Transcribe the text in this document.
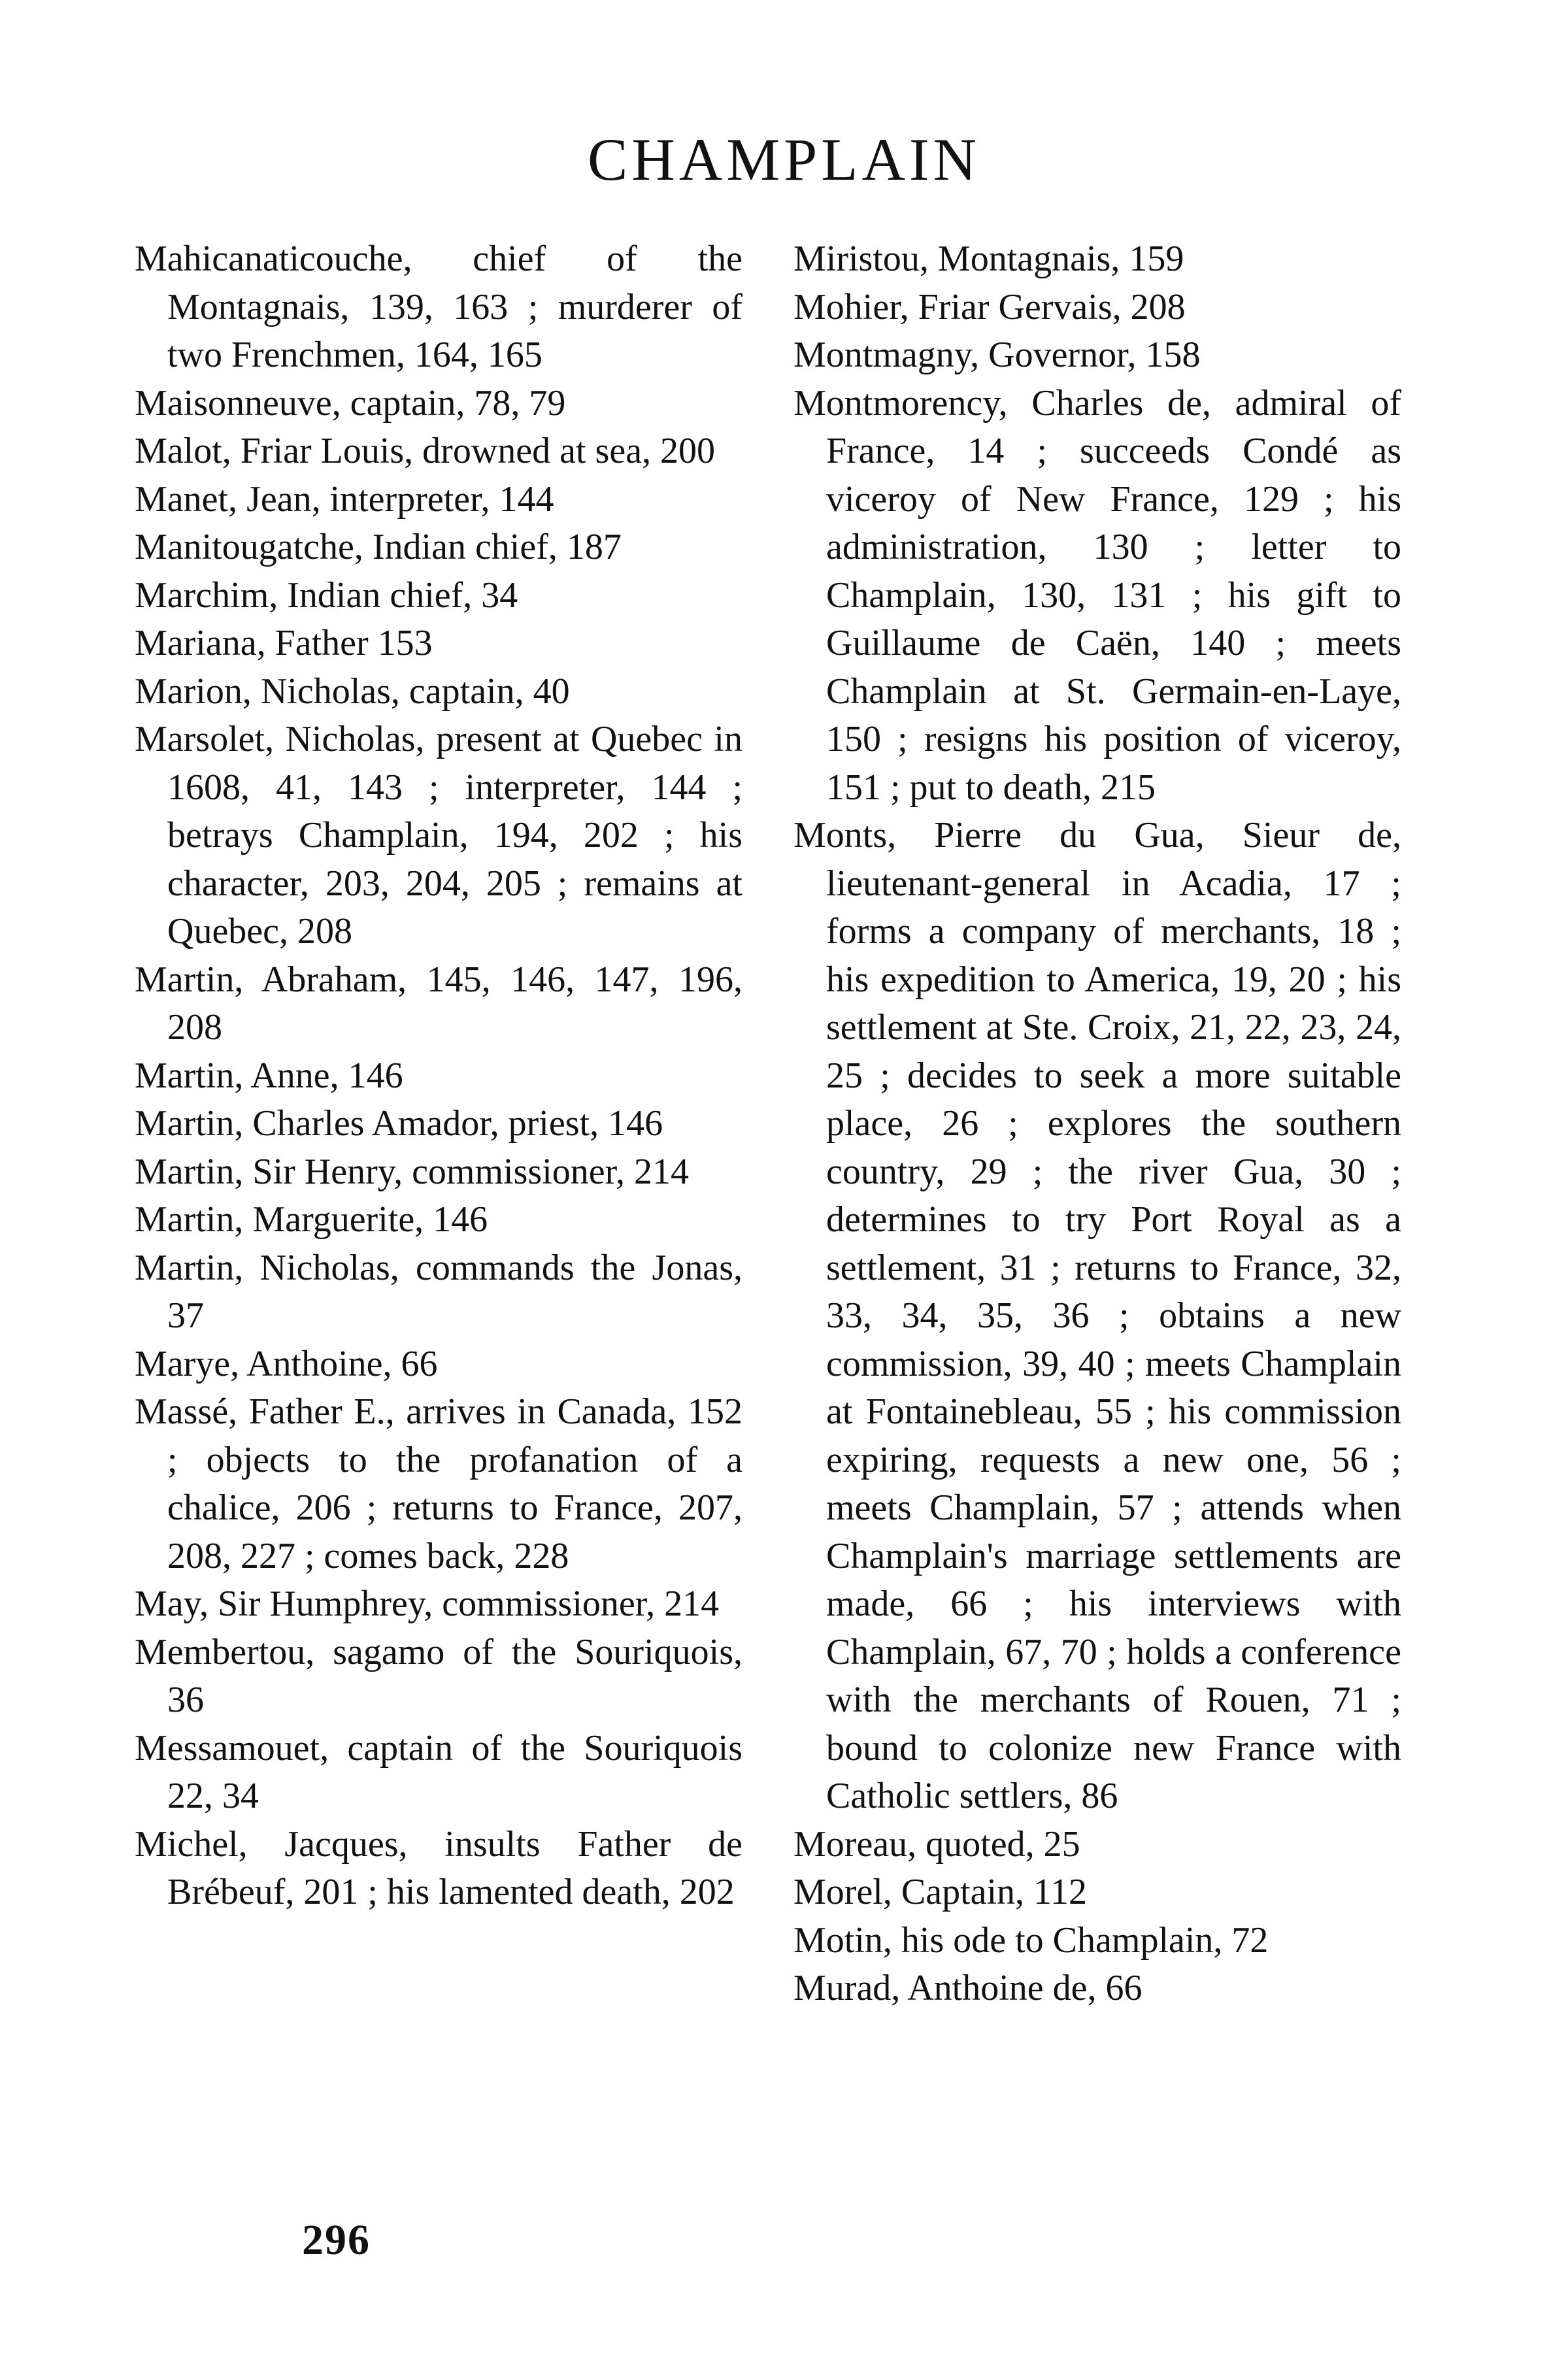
CHAMPLAIN

Mahicanaticouche, chief of the Montagnais, 139, 163 ; murderer of two Frenchmen, 164, 165

Maisonneuve, captain, 78, 79

Malot, Friar Louis, drowned at sea, 200

Manet, Jean, interpreter, 144

Manitougatche, Indian chief, 187

Marchim, Indian chief, 34

Mariana, Father 153

Marion, Nicholas, captain, 40

Marsolet, Nicholas, present at Quebec in 1608, 41, 143 ; interpreter, 144 ; betrays Champlain, 194, 202 ; his character, 203, 204, 205 ; remains at Quebec, 208

Martin, Abraham, 145, 146, 147, 196, 208

Martin, Anne, 146

Martin, Charles Amador, priest, 146

Martin, Sir Henry, commissioner, 214

Martin, Marguerite, 146

Martin, Nicholas, commands the Jonas, 37

Marye, Anthoine, 66

Massé, Father E., arrives in Canada, 152 ; objects to the profanation of a chalice, 206 ; returns to France, 207, 208, 227 ; comes back, 228

May, Sir Humphrey, commissioner, 214

Membertou, sagamo of the Souriquois, 36

Messamouet, captain of the Souriquois 22, 34

Michel, Jacques, insults Father de Brébeuf, 201 ; his lamented death, 202

Miristou, Montagnais, 159

Mohier, Friar Gervais, 208

Montmagny, Governor, 158

Montmorency, Charles de, admiral of France, 14 ; succeeds Condé as viceroy of New France, 129 ; his administration, 130 ; letter to Champlain, 130, 131 ; his gift to Guillaume de Caën, 140 ; meets Champlain at St. Germain-en-Laye, 150 ; resigns his position of viceroy, 151 ; put to death, 215

Monts, Pierre du Gua, Sieur de, lieutenant-general in Acadia, 17 ; forms a company of merchants, 18 ; his expedition to America, 19, 20 ; his settlement at Ste. Croix, 21, 22, 23, 24, 25 ; decides to seek a more suitable place, 26 ; explores the southern country, 29 ; the river Gua, 30 ; determines to try Port Royal as a settlement, 31 ; returns to France, 32, 33, 34, 35, 36 ; obtains a new commission, 39, 40 ; meets Champlain at Fontainebleau, 55 ; his commission expiring, requests a new one, 56 ; meets Champlain, 57 ; attends when Champlain's marriage settlements are made, 66 ; his interviews with Champlain, 67, 70 ; holds a conference with the merchants of Rouen, 71 ; bound to colonize new France with Catholic settlers, 86

Moreau, quoted, 25

Morel, Captain, 112

Motin, his ode to Champlain, 72

Murad, Anthoine de, 66

296
